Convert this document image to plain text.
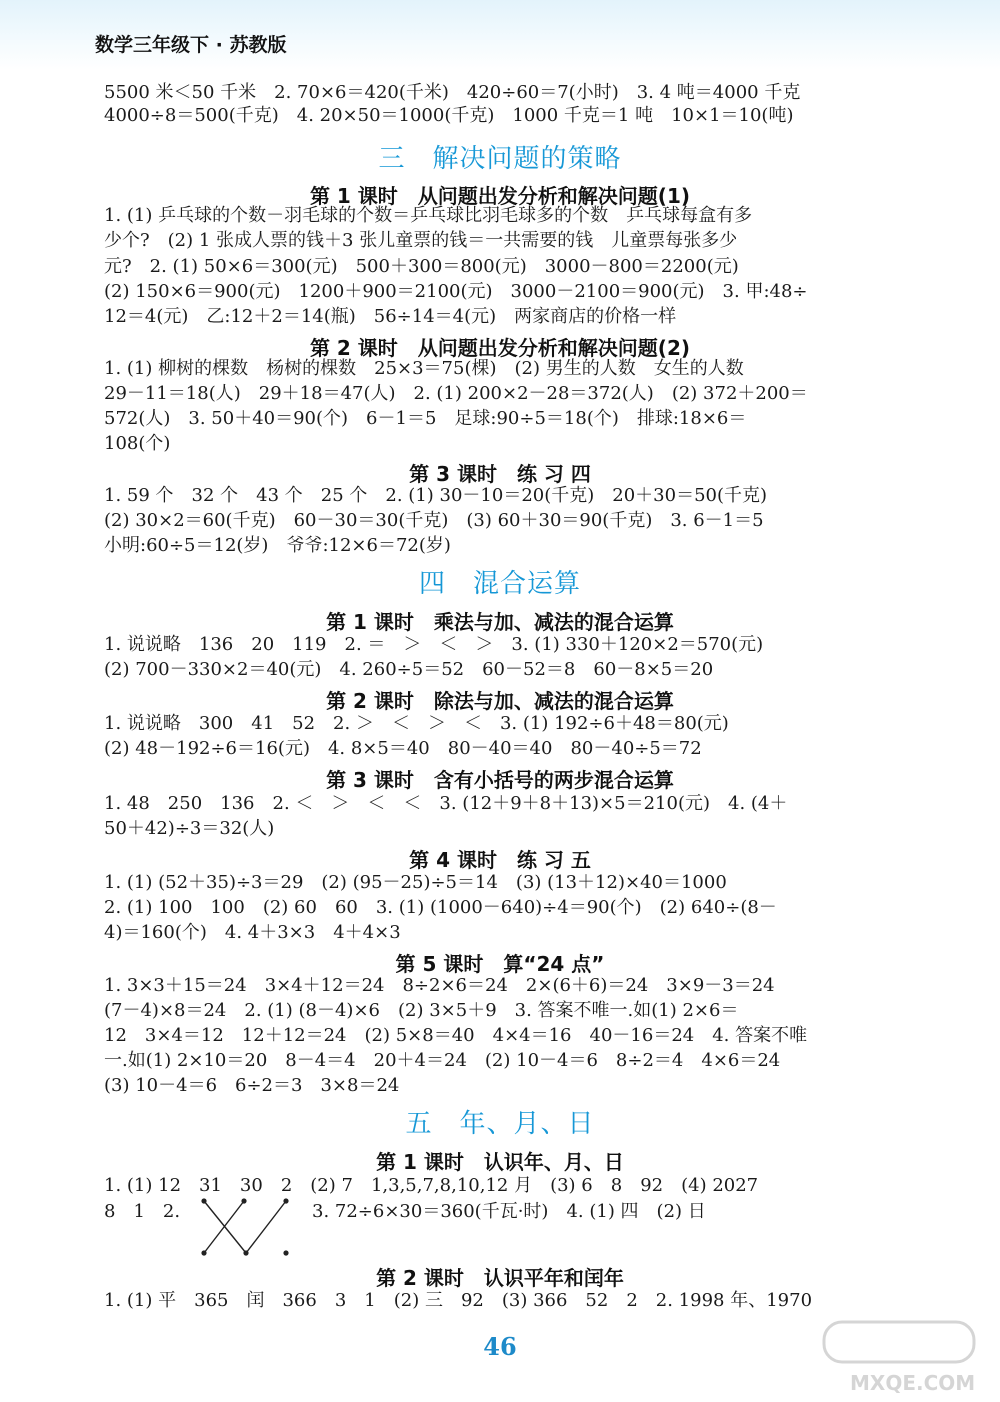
数学三年级下 · 苏教版
5500 米＜50 千米　2. 70×6＝420(千米)　420÷60＝7(小时)　3. 4 吨＝4000 千克
4000÷8＝500(千克)　4. 20×50＝1000(千克)　1000 千克＝1 吨　10×1＝10(吨)
三　解决问题的策略
第 1 课时　从问题出发分析和解决问题(1)
1. (1) 乒乓球的个数－羽毛球的个数＝乒乓球比羽毛球多的个数　乒乓球每盒有多
少个?　(2) 1 张成人票的钱＋3 张儿童票的钱＝一共需要的钱　儿童票每张多少
元?　2. (1) 50×6＝300(元)　500＋300＝800(元)　3000－800＝2200(元)
(2) 150×6＝900(元)　1200＋900＝2100(元)　3000－2100＝900(元)　3. 甲:48÷
12＝4(元)　乙:12＋2＝14(瓶)　56÷14＝4(元)　两家商店的价格一样
第 2 课时　从问题出发分析和解决问题(2)
1. (1) 柳树的棵数　杨树的棵数　25×3＝75(棵)　(2) 男生的人数　女生的人数
29－11＝18(人)　29＋18＝47(人)　2. (1) 200×2－28＝372(人)　(2) 372＋200＝
572(人)　3. 50＋40＝90(个)　6－1＝5　足球:90÷5＝18(个)　排球:18×6＝
108(个)
第 3 课时　练 习 四
1. 59 个　32 个　43 个　25 个　2. (1) 30－10＝20(千克)　20＋30＝50(千克)
(2) 30×2＝60(千克)　60－30＝30(千克)　(3) 60＋30＝90(千克)　3. 6－1＝5
小明:60÷5＝12(岁)　爷爷:12×6＝72(岁)
四　混合运算
第 1 课时　乘法与加、减法的混合运算
1. 说说略　136　20　119　2. ＝　＞　＜　＞　3. (1) 330＋120×2＝570(元)
(2) 700－330×2＝40(元)　4. 260÷5＝52　60－52＝8　60－8×5＝20
第 2 课时　除法与加、减法的混合运算
1. 说说略　300　41　52　2. ＞　＜　＞　＜　3. (1) 192÷6＋48＝80(元)
(2) 48－192÷6＝16(元)　4. 8×5＝40　80－40＝40　80－40÷5＝72
第 3 课时　含有小括号的两步混合运算
1. 48　250　136　2. ＜　＞　＜　＜　3. (12＋9＋8＋13)×5＝210(元)　4. (4＋
50＋42)÷3＝32(人)
第 4 课时　练 习 五
1. (1) (52＋35)÷3＝29　(2) (95－25)÷5＝14　(3) (13＋12)×40＝1000
2. (1) 100　100　(2) 60　60　3. (1) (1000－640)÷4＝90(个)　(2) 640÷(8－
4)＝160(个)　4. 4＋3×3　4＋4×3
第 5 课时　算“24 点”
1. 3×3＋15＝24　3×4＋12＝24　8÷2×6＝24　2×(6＋6)＝24　3×9－3＝24
(7－4)×8＝24　2. (1) (8－4)×6　(2) 3×5＋9　3. 答案不唯一.如(1) 2×6＝
12　3×4＝12　12＋12＝24　(2) 5×8＝40　4×4＝16　40－16＝24　4. 答案不唯
一.如(1) 2×10＝20　8－4＝4　20＋4＝24　(2) 10－4＝6　8÷2＝4　4×6＝24
(3) 10－4＝6　6÷2＝3　3×8＝24
五　年、月、日
第 1 课时　认识年、月、日
1. (1) 12　31　30　2　(2) 7　1,3,5,7,8,10,12 月　(3) 6　8　92　(4) 2027
8　1　2.	3. 72÷6×30＝360(千瓦·时)　4. (1) 四　(2) 日
第 2 课时　认识平年和闰年
1. (1) 平　365　闰　366　3　1　(2) 三　92　(3) 366　52　2　2. 1998 年、1970
46
MXQE.COM
